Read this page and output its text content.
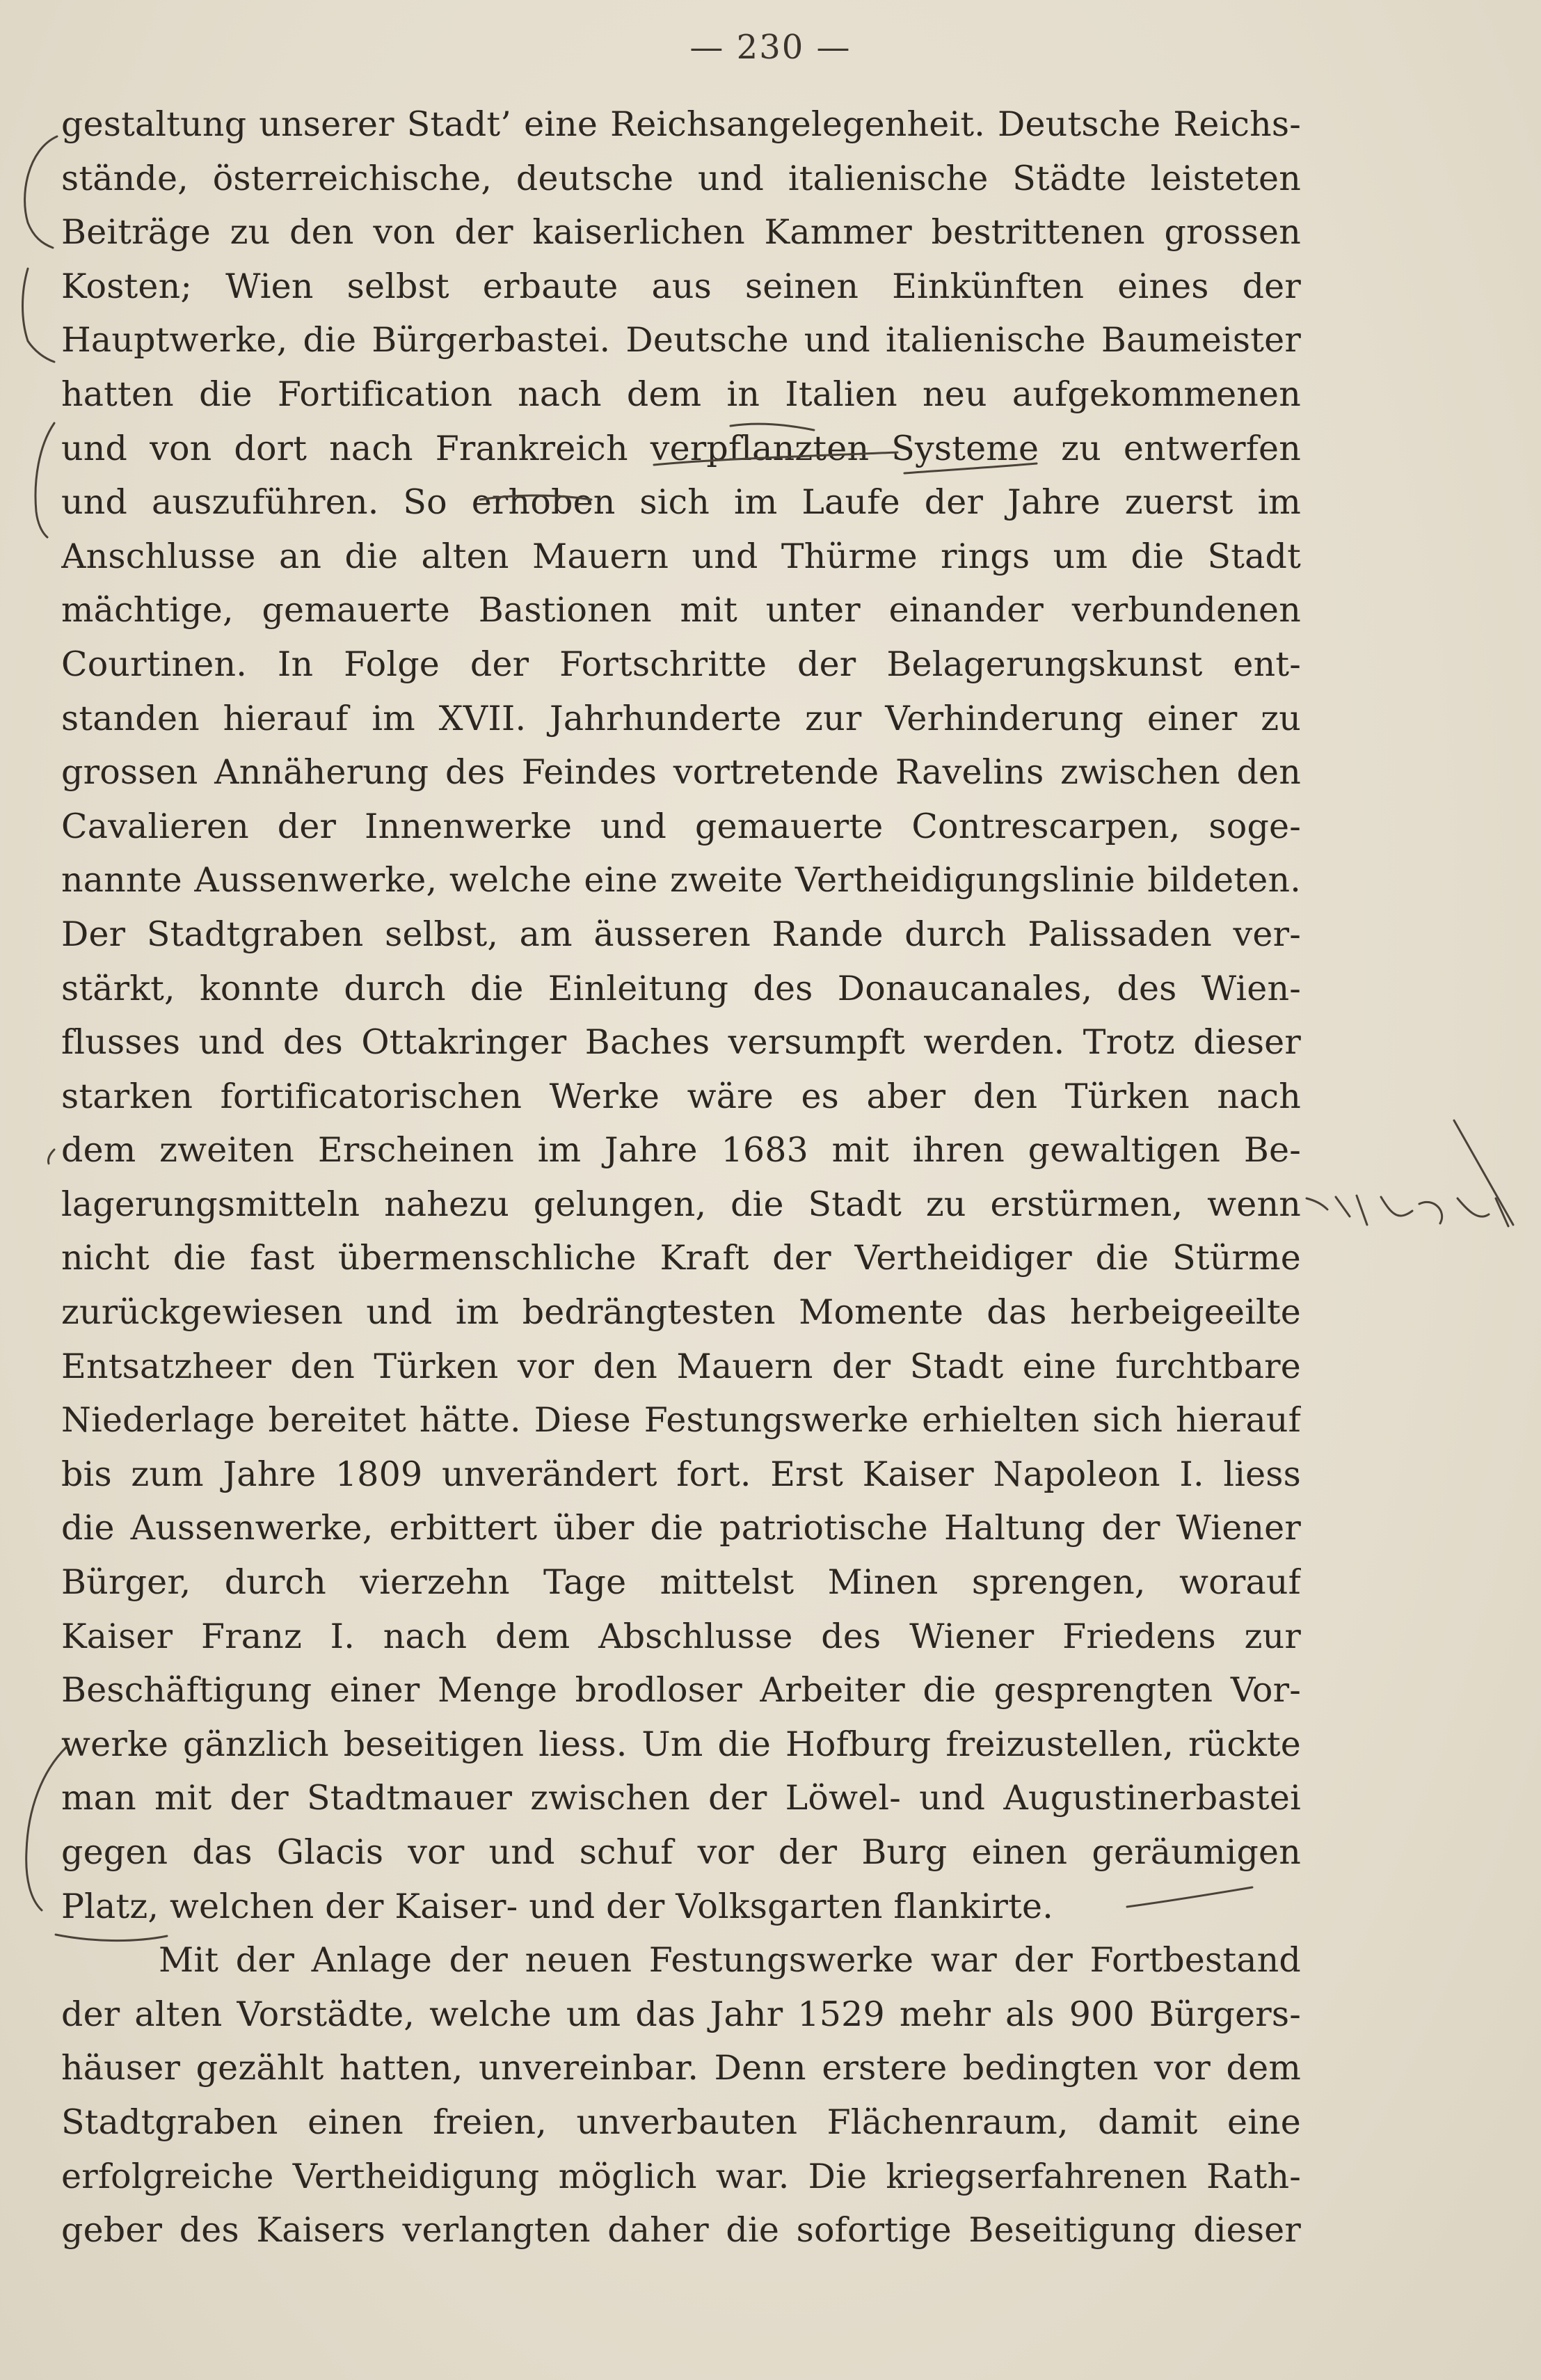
— 230 —
gestaltung unserer Stadt’ eine Reichsangelegenheit. Deutsche Reichs-
stände, österreichische, deutsche und italienische Städte leisteten
Beiträge zu den von der kaiserlichen Kammer bestrittenen grossen
Kosten; Wien selbst erbaute aus seinen Einkünften eines der
Hauptwerke, die Bürgerbastei. Deutsche und italienische Baumeister
hatten die Fortification nach dem in Italien neu aufgekommenen
und von dort nach Frankreich verpflanzten Systeme zu entwerfen
und auszuführen. So erhoben sich im Laufe der Jahre zuerst im
Anschlusse an die alten Mauern und Thürme rings um die Stadt
mächtige, gemauerte Bastionen mit unter einander verbundenen
Courtinen. In Folge der Fortschritte der Belagerungskunst ent-
standen hierauf im XVII. Jahrhunderte zur Verhinderung einer zu
grossen Annäherung des Feindes vortretende Ravelins zwischen den
Cavalieren der Innenwerke und gemauerte Contrescarpen, soge-
nannte Aussenwerke, welche eine zweite Vertheidigungslinie bildeten.
Der Stadtgraben selbst, am äusseren Rande durch Palissaden ver-
stärkt, konnte durch die Einleitung des Donaucanales, des Wien-
flusses und des Ottakringer Baches versumpft werden. Trotz dieser
starken fortificatorischen Werke wäre es aber den Türken nach
dem zweiten Erscheinen im Jahre 1683 mit ihren gewaltigen Be-
lagerungsmitteln nahezu gelungen, die Stadt zu erstürmen, wenn
nicht die fast übermenschliche Kraft der Vertheidiger die Stürme
zurückgewiesen und im bedrängtesten Momente das herbeigeeilte
Entsatzheer den Türken vor den Mauern der Stadt eine furchtbare
Niederlage bereitet hätte. Diese Festungswerke erhielten sich hierauf
bis zum Jahre 1809 unverändert fort. Erst Kaiser Napoleon I. liess
die Aussenwerke, erbittert über die patriotische Haltung der Wiener
Bürger, durch vierzehn Tage mittelst Minen sprengen, worauf
Kaiser Franz I. nach dem Abschlusse des Wiener Friedens zur
Beschäftigung einer Menge brodloser Arbeiter die gesprengten Vor-
werke gänzlich beseitigen liess. Um die Hofburg freizustellen, rückte
man mit der Stadtmauer zwischen der Löwel- und Augustinerbastei
gegen das Glacis vor und schuf vor der Burg einen geräumigen
Platz, welchen der Kaiser- und der Volksgarten flankirte.
Mit der Anlage der neuen Festungswerke war der Fortbestand
der alten Vorstädte, welche um das Jahr 1529 mehr als 900 Bürgers-
häuser gezählt hatten, unvereinbar. Denn erstere bedingten vor dem
Stadtgraben einen freien, unverbauten Flächenraum, damit eine
erfolgreiche Vertheidigung möglich war. Die kriegserfahrenen Rath-
geber des Kaisers verlangten daher die sofortige Beseitigung dieser
